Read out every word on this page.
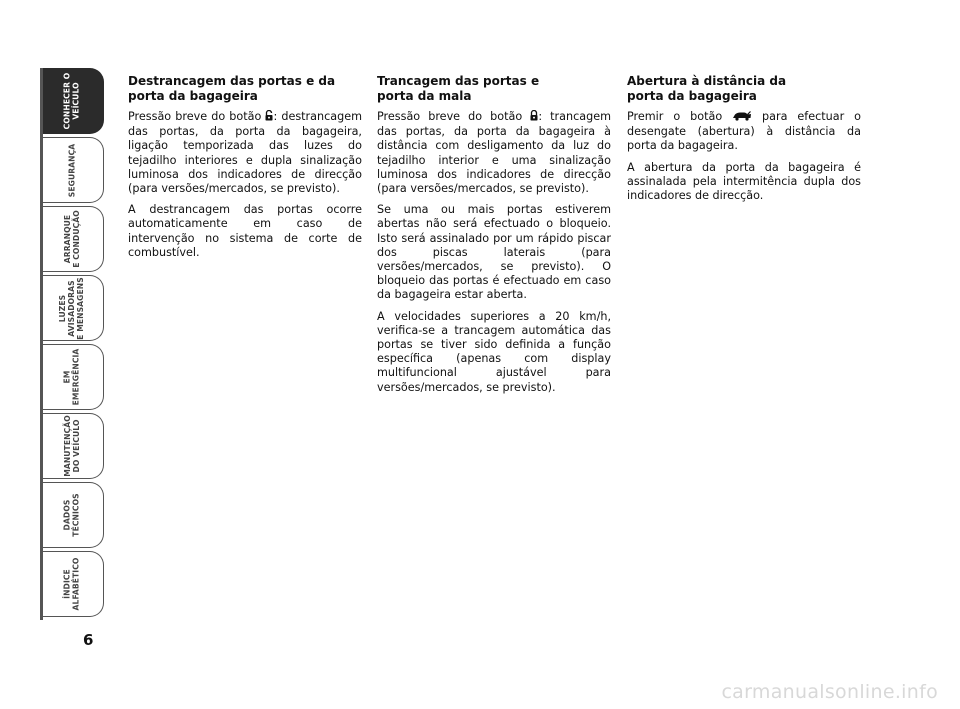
CONHECER O
VEÍCULO
SEGURANÇA
ARRANQUE
E CONDUÇÃO
LUZES
AVISADORAS
E MENSAGENS
EM
EMERGÊNCIA
MANUTENÇÃO
DO VEÍCULO
DADOS
TÉCNICOS
ÍNDICE
ALFABÉTICO
6
Destrancagem das portas e da
porta da bagageira

Pressão breve do botão : destrancagem das portas, da porta da bagageira, ligação temporizada das luzes do tejadilho interiores e dupla sinalização luminosa dos indicadores de direcção (para versões/mercados, se previsto).

A destrancagem das portas ocorre automaticamente em caso de intervenção no sistema de corte de combustível.

Trancagem das portas e
porta da mala

Pressão breve do botão : trancagem das portas, da porta da bagageira à distância com desligamento da luz do tejadilho interior e uma sinalização luminosa dos indicadores de direcção (para versões/mercados, se previsto).

Se uma ou mais portas estiverem abertas não será efectuado o bloqueio. Isto será assinalado por um rápido piscar dos piscas laterais (para versões/mercados, se previsto). O bloqueio das portas é efectuado em caso da bagageira estar aberta.

A velocidades superiores a 20 km/h, verifica-se a trancagem automática das portas se tiver sido definida a função específica (apenas com display multifuncional ajustável para versões/mercados, se previsto).

Abertura à distância da
porta da bagageira

Premir o botão  para efectuar o desengate (abertura) à distância da porta da bagageira.

A abertura da porta da bagageira é assinalada pela intermitência dupla dos indicadores de direcção.

carmanualsonline.info
